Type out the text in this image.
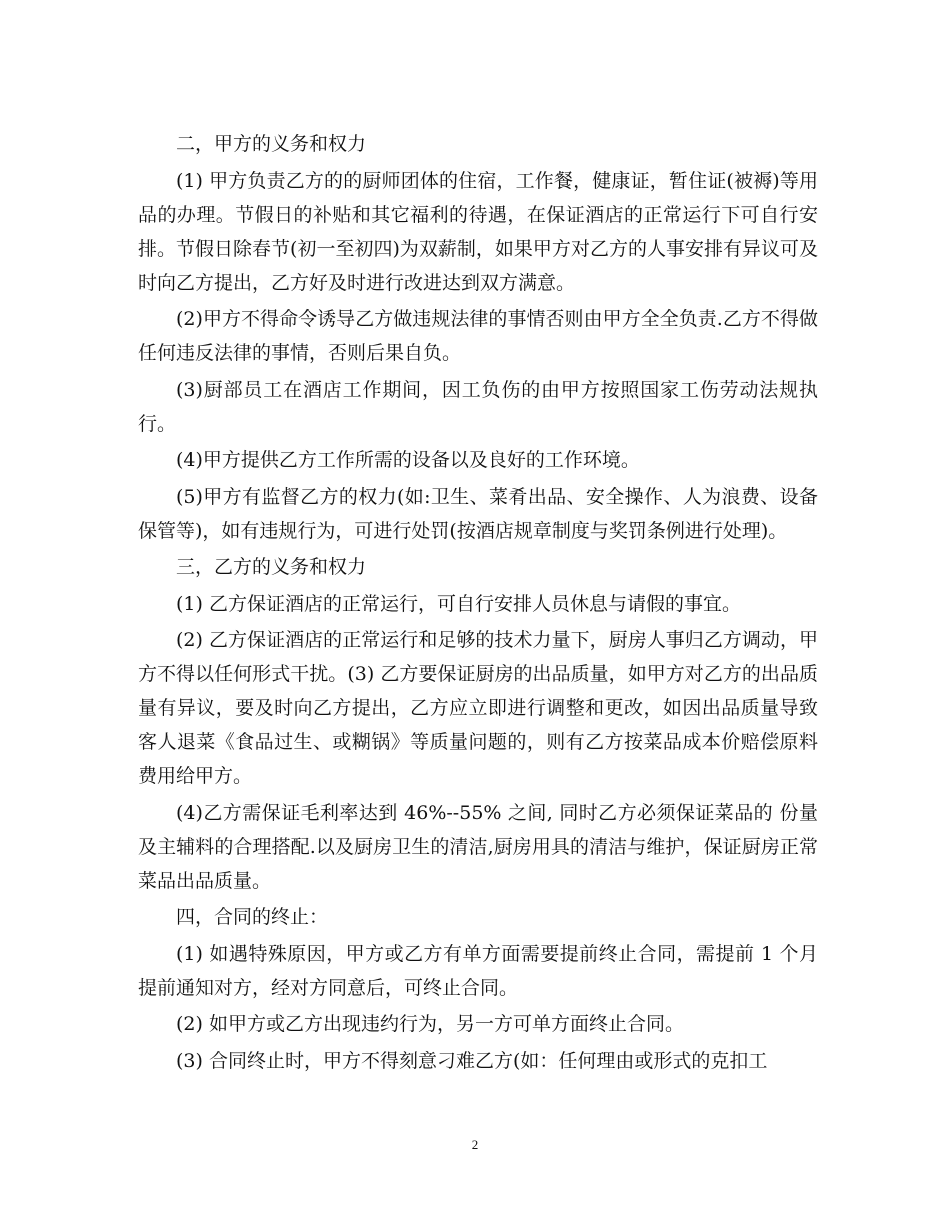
二，甲方的义务和权力

(1) 甲方负责乙方的的厨师团体的住宿，工作餐，健康证，暂住证(被褥)等用品的办理。节假日的补贴和其它福利的待遇，在保证酒店的正常运行下可自行安排。节假日除春节(初一至初四)为双薪制，如果甲方对乙方的人事安排有异议可及时向乙方提出，乙方好及时进行改进达到双方满意。

(2)甲方不得命令诱导乙方做违规法律的事情否则由甲方全全负责.乙方不得做任何违反法律的事情，否则后果自负。

(3)厨部员工在酒店工作期间，因工负伤的由甲方按照国家工伤劳动法规执行。

(4)甲方提供乙方工作所需的设备以及良好的工作环境。

(5)甲方有监督乙方的权力(如:卫生、菜肴出品、安全操作、人为浪费、设备保管等)，如有违规行为，可进行处罚(按酒店规章制度与奖罚条例进行处理)。

三，乙方的义务和权力

(1) 乙方保证酒店的正常运行，可自行安排人员休息与请假的事宜。

(2) 乙方保证酒店的正常运行和足够的技术力量下，厨房人事归乙方调动，甲方不得以任何形式干扰。(3) 乙方要保证厨房的出品质量，如甲方对乙方的出品质量有异议，要及时向乙方提出，乙方应立即进行调整和更改，如因出品质量导致客人退菜《食品过生、或糊锅》等质量问题的，则有乙方按菜品成本价赔偿原料费用给甲方。

(4)乙方需保证毛利率达到 46%--55% 之间, 同时乙方必须保证菜品的 份量及主辅料的合理搭配.以及厨房卫生的清洁,厨房用具的清洁与维护，保证厨房正常菜品出品质量。

四，合同的终止：

(1) 如遇特殊原因，甲方或乙方有单方面需要提前终止合同，需提前 1 个月提前通知对方，经对方同意后，可终止合同。

(2) 如甲方或乙方出现违约行为，另一方可单方面终止合同。

(3) 合同终止时，甲方不得刻意刁难乙方(如：任何理由或形式的克扣工

2
